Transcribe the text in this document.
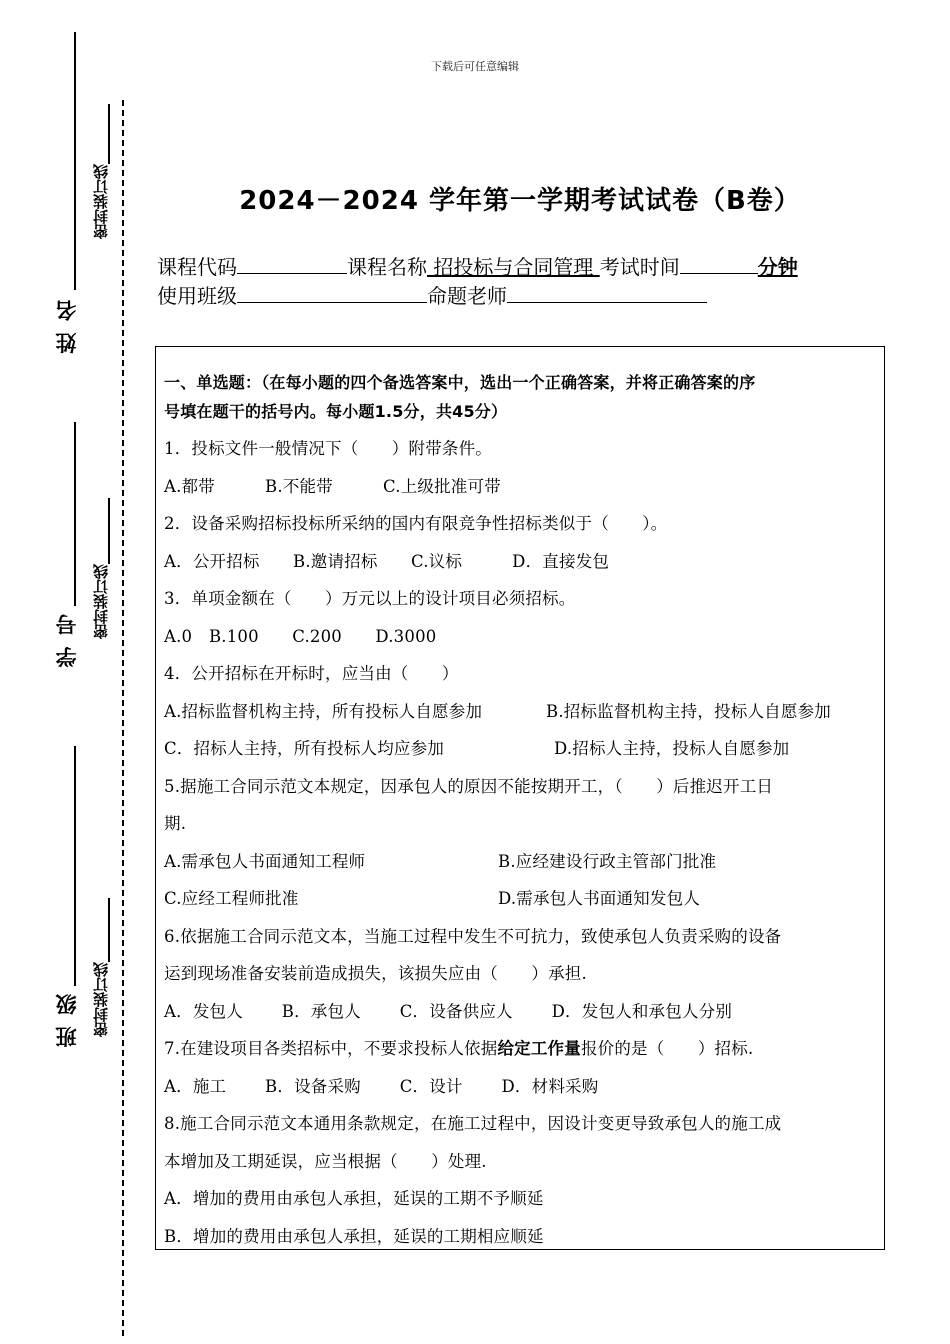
下载后可任意编辑
姓 名
学 号
班 级
密封装订线
密封装订线
密封装订线
2024－2024 学年第一学期考试试卷（B卷）
课程代码	课程名称 招投标与合同管理 考试时间	分钟
使用班级	命题老师
一、单选题：（在每小题的四个备选答案中，选出一个正确答案，并将正确答案的序
号填在题干的括号内。每小题1.5分，共45分）
1．投标文件一般情况下（　　）附带条件。
A.都带　　　B.不能带　　　C.上级批准可带
2．设备采购招标投标所采纳的国内有限竞争性招标类似于（　　）。
A．公开招标　　B.邀请招标　　C.议标　　　D．直接发包
3．单项金额在（　　）万元以上的设计项目必须招标。
A.0　B.100　　C.200　　D.3000
4．公开招标在开标时，应当由（　　）
A.招标监督机构主持，所有投标人自愿参加	B.招标监督机构主持，投标人自愿参加
C．招标人主持，所有投标人均应参加	D.招标人主持，投标人自愿参加
5.据施工合同示范文本规定，因承包人的原因不能按期开工，（　　）后推迟开工日
期.
A.需承包人书面通知工程师	B.应经建设行政主管部门批准
C.应经工程师批准	D.需承包人书面通知发包人
6.依据施工合同示范文本，当施工过程中发生不可抗力，致使承包人负责采购的设备
运到现场准备安装前造成损失，该损失应由（　　）承担.
A．发包人　　 B．承包人　　 C．设备供应人　　 D．发包人和承包人分别
7.在建设项目各类招标中，不要求投标人依据给定工作量报价的是（　　）招标.
A．施工　　 B．设备采购　　 C．设计　　 D．材料采购
8.施工合同示范文本通用条款规定，在施工过程中，因设计变更导致承包人的施工成
本增加及工期延误，应当根据（　　）处理.
A．增加的费用由承包人承担，延误的工期不予顺延
B．增加的费用由承包人承担，延误的工期相应顺延
